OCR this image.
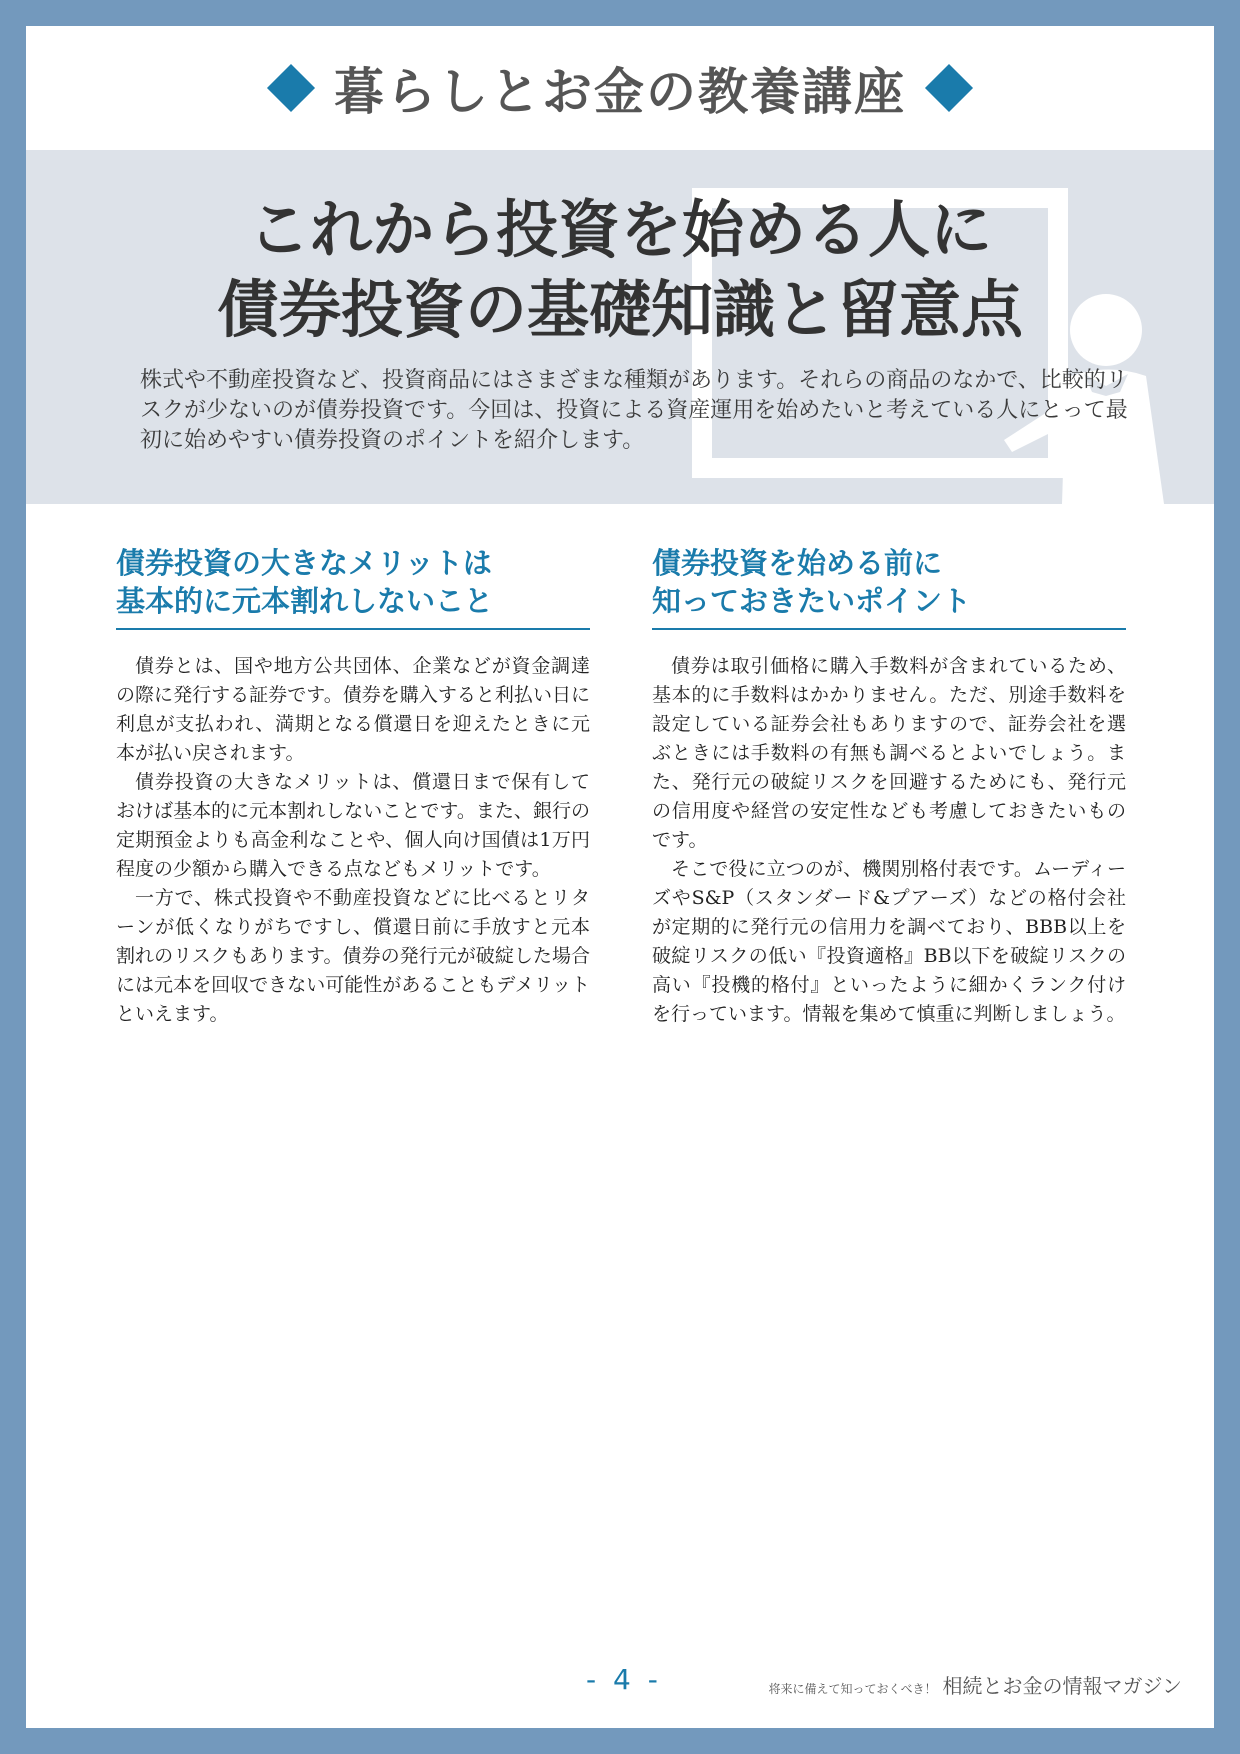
暮らしとお金の教養講座
これから投資を始める人に
債券投資の基礎知識と留意点

株式や不動産投資など、投資商品にはさまざまな種類があります。それらの商品のなかで、比較的リスクが少ないのが債券投資です。今回は、投資による資産運用を始めたいと考えている人にとって最初に始めやすい債券投資のポイントを紹介します。

債券投資の大きなメリットは
基本的に元本割れしないこと

債券とは、国や地方公共団体、企業などが資金調達の際に発行する証券です。債券を購入すると利払い日に利息が支払われ、満期となる償還日を迎えたときに元本が払い戻されます。

債券投資の大きなメリットは、償還日まで保有しておけば基本的に元本割れしないことです。また、銀行の定期預金よりも高金利なことや、個人向け国債は1万円程度の少額から購入できる点などもメリットです。

一方で、株式投資や不動産投資などに比べるとリターンが低くなりがちですし、償還日前に手放すと元本割れのリスクもあります。債券の発行元が破綻した場合には元本を回収できない可能性があることもデメリットといえます。

債券投資を始める前に
知っておきたいポイント

債券は取引価格に購入手数料が含まれているため、基本的に手数料はかかりません。ただ、別途手数料を設定している証券会社もありますので、証券会社を選ぶときには手数料の有無も調べるとよいでしょう。また、発行元の破綻リスクを回避するためにも、発行元の信用度や経営の安定性なども考慮しておきたいものです。

そこで役に立つのが、機関別格付表です。ムーディーズやS&P（スタンダード&プアーズ）などの格付会社が定期的に発行元の信用力を調べており、BBB以上を破綻リスクの低い『投資適格』BB以下を破綻リスクの高い『投機的格付』といったように細かくランク付けを行っています。情報を集めて慎重に判断しましょう。

- 4 -	将来に備えて知っておくべき！ 相続とお金の情報マガジン
